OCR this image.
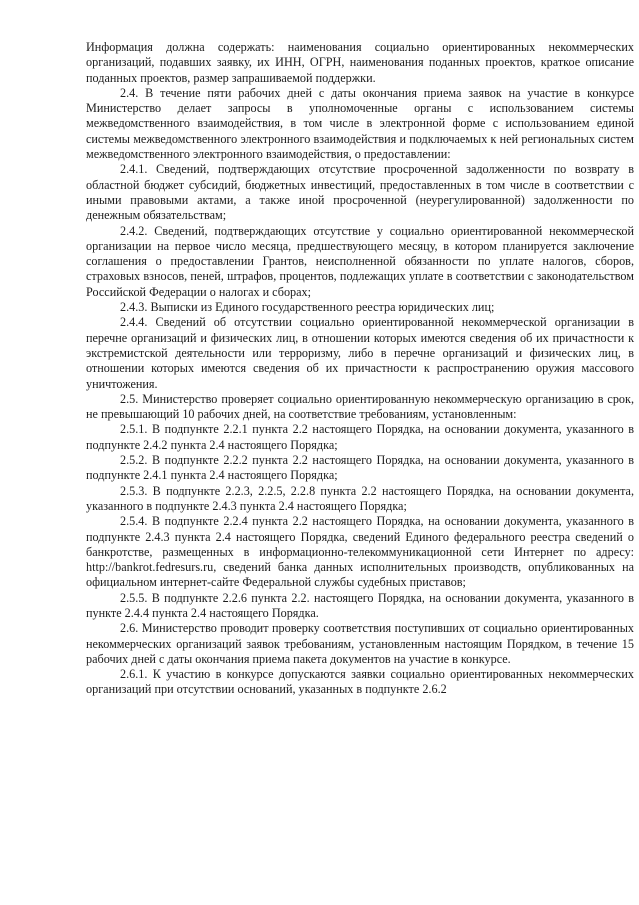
Информация должна содержать: наименования социально ориентированных некоммерческих организаций, подавших заявку, их ИНН, ОГРН, наименования поданных проектов, краткое описание поданных проектов, размер запрашиваемой поддержки.

2.4. В течение пяти рабочих дней с даты окончания приема заявок на участие в конкурсе Министерство делает запросы в уполномоченные органы с использованием системы межведомственного взаимодействия, в том числе в электронной форме с использованием единой системы межведомственного электронного взаимодействия и подключаемых к ней региональных систем межведомственного электронного взаимодействия, о предоставлении:

2.4.1. Сведений, подтверждающих отсутствие просроченной задолженности по возврату в областной бюджет субсидий, бюджетных инвестиций, предоставленных в том числе в соответствии с иными правовыми актами, а также иной просроченной (неурегулированной) задолженности по денежным обязательствам;

2.4.2. Сведений, подтверждающих отсутствие у социально ориентированной некоммерческой организации на первое число месяца, предшествующего месяцу, в котором планируется заключение соглашения о предоставлении Грантов, неисполненной обязанности по уплате налогов, сборов, страховых взносов, пеней, штрафов, процентов, подлежащих уплате в соответствии с законодательством Российской Федерации о налогах и сборах;

2.4.3. Выписки из Единого государственного реестра юридических лиц;

2.4.4. Сведений об отсутствии социально ориентированной некоммерческой организации в перечне организаций и физических лиц, в отношении которых имеются сведения об их причастности к экстремистской деятельности или терроризму, либо в перечне организаций и физических лиц, в отношении которых имеются сведения об их причастности к распространению оружия массового уничтожения.

2.5. Министерство проверяет социально ориентированную некоммерческую организацию в срок, не превышающий 10 рабочих дней, на соответствие требованиям, установленным:

2.5.1. В подпункте 2.2.1 пункта 2.2 настоящего Порядка, на основании документа, указанного в подпункте 2.4.2 пункта 2.4 настоящего Порядка;

2.5.2. В подпункте 2.2.2 пункта 2.2 настоящего Порядка, на основании документа, указанного в подпункте 2.4.1 пункта 2.4 настоящего Порядка;

2.5.3. В подпункте 2.2.3, 2.2.5, 2.2.8 пункта 2.2 настоящего Порядка, на основании документа, указанного в подпункте 2.4.3 пункта 2.4 настоящего Порядка;

2.5.4. В подпункте 2.2.4 пункта 2.2 настоящего Порядка, на основании документа, указанного в подпункте 2.4.3 пункта 2.4 настоящего Порядка, сведений Единого федерального реестра сведений о банкротстве, размещенных в информационно-телекоммуникационной сети Интернет по адресу: http://bankrot.fedresurs.ru, сведений банка данных исполнительных производств, опубликованных на официальном интернет-сайте Федеральной службы судебных приставов;

2.5.5. В подпункте 2.2.6 пункта 2.2. настоящего Порядка, на основании документа, указанного в пункте 2.4.4 пункта 2.4 настоящего Порядка.

2.6. Министерство проводит проверку соответствия поступивших от социально ориентированных некоммерческих организаций заявок требованиям, установленным настоящим Порядком, в течение 15 рабочих дней с даты окончания приема пакета документов на участие в конкурсе.

2.6.1. К участию в конкурсе допускаются заявки социально ориентированных некоммерческих организаций при отсутствии оснований, указанных в подпункте 2.6.2
